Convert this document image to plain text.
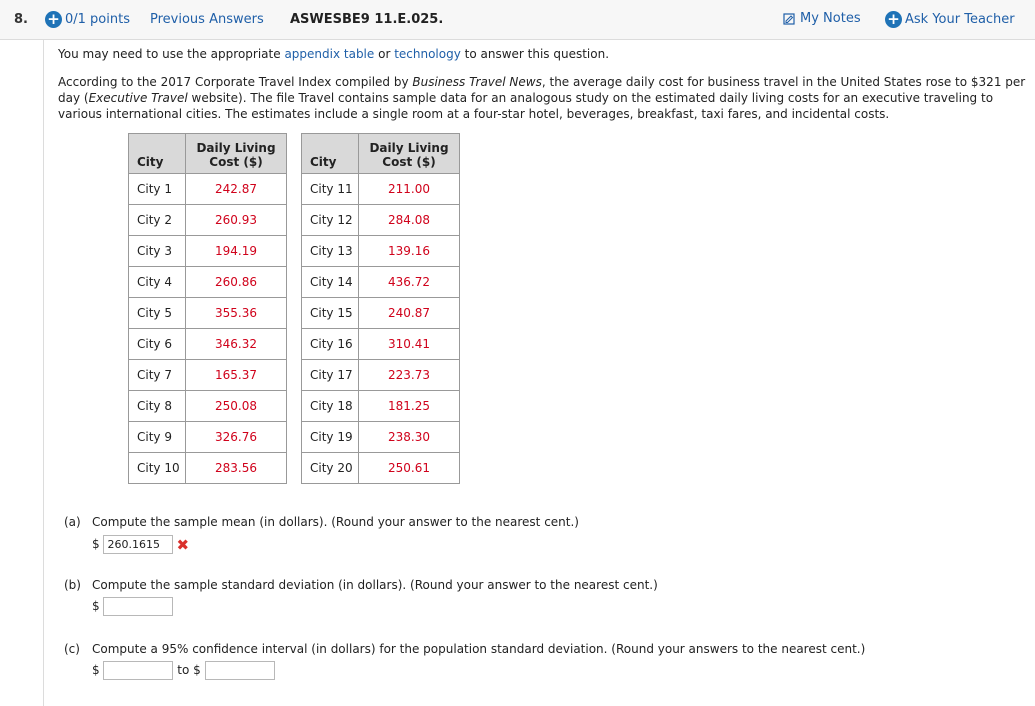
8. + 0/1 points Previous Answers ASWESBE9 11.E.025.	My Notes + Ask Your Teacher
You may need to use the appropriate appendix table or technology to answer this question.
According to the 2017 Corporate Travel Index compiled by Business Travel News, the average daily cost for business travel in the United States rose to $321 per day (Executive Travel website). The file Travel contains sample data for an analogous study on the estimated daily living costs for an executive traveling to various international cities. The estimates include a single room at a four-star hotel, beverages, breakfast, taxi fares, and incidental costs.
City	Daily Living
Cost ($)
City 1	242.87
City 2	260.93
City 3	194.19
City 4	260.86
City 5	355.36
City 6	346.32
City 7	165.37
City 8	250.08
City 9	326.76
City 10	283.56
City	Daily Living
Cost ($)
City 11	211.00
City 12	284.08
City 13	139.16
City 14	436.72
City 15	240.87
City 16	310.41
City 17	223.73
City 18	181.25
City 19	238.30
City 20	250.61
(a) Compute the sample mean (in dollars). (Round your answer to the nearest cent.)
$ 260.1615 ✖
(b) Compute the sample standard deviation (in dollars). (Round your answer to the nearest cent.)
$
(c) Compute a 95% confidence interval (in dollars) for the population standard deviation. (Round your answers to the nearest cent.)
$	to $
